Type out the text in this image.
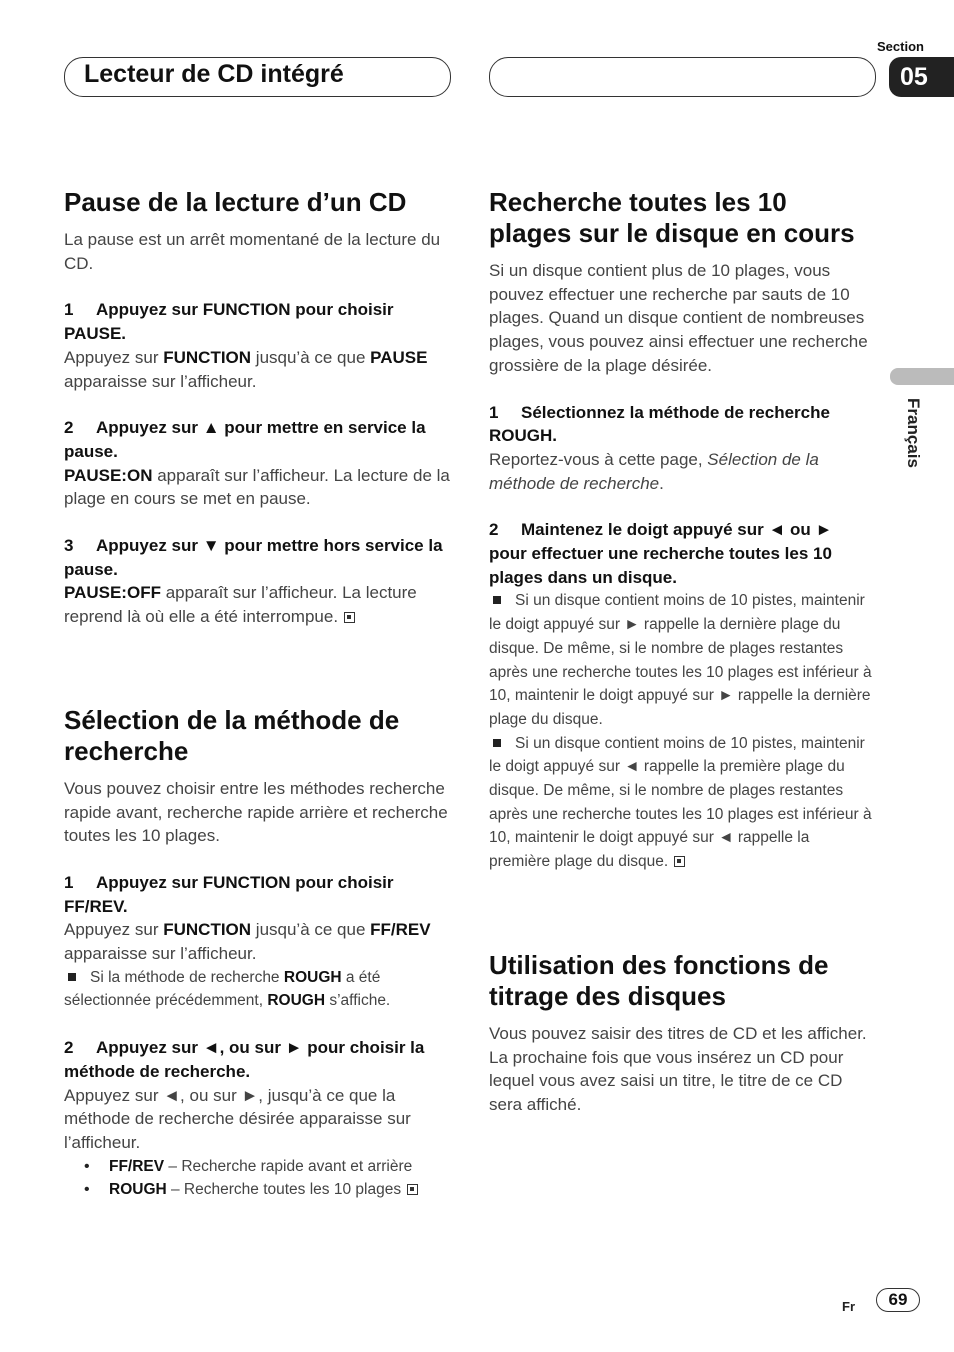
Lecteur de CD intégré
Section
05
Français
Pause de la lecture d’un CD

La pause est un arrêt momentané de la lecture du CD.

1 Appuyez sur FUNCTION pour choisir PAUSE.

Appuyez sur FUNCTION jusqu’à ce que PAUSE apparaisse sur l’afficheur.

2 Appuyez sur ▲ pour mettre en service la pause.

PAUSE:ON apparaît sur l’afficheur. La lecture de la plage en cours se met en pause.

3 Appuyez sur ▼ pour mettre hors service la pause.

PAUSE:OFF apparaît sur l’afficheur. La lecture reprend là où elle a été interrompue.

Sélection de la méthode de recherche

Vous pouvez choisir entre les méthodes recherche rapide avant, recherche rapide arrière et recherche toutes les 10 plages.

1 Appuyez sur FUNCTION pour choisir FF/REV.

Appuyez sur FUNCTION jusqu’à ce que FF/REV apparaisse sur l’afficheur.

Si la méthode de recherche ROUGH a été sélectionnée précédemment, ROUGH s’affiche.
2 Appuyez sur ◄, ou sur ► pour choisir la méthode de recherche.

Appuyez sur ◄, ou sur ►, jusqu’à ce que la méthode de recherche désirée apparaisse sur l’afficheur.

• FF/REV – Recherche rapide avant et arrière
• ROUGH – Recherche toutes les 10 plages
Recherche toutes les 10 plages sur le disque en cours

Si un disque contient plus de 10 plages, vous pouvez effectuer une recherche par sauts de 10 plages. Quand un disque contient de nombreuses plages, vous pouvez ainsi effectuer une recherche grossière de la plage désirée.

1 Sélectionnez la méthode de recherche ROUGH.

Reportez-vous à cette page, Sélection de la méthode de recherche.

2 Maintenez le doigt appuyé sur ◄ ou ► pour effectuer une recherche toutes les 10 plages dans un disque.
Si un disque contient moins de 10 pistes, maintenir le doigt appuyé sur ► rappelle la dernière plage du disque. De même, si le nombre de plages restantes après une recherche toutes les 10 plages est inférieur à 10, maintenir le doigt appuyé sur ► rappelle la dernière plage du disque.
Si un disque contient moins de 10 pistes, maintenir le doigt appuyé sur ◄ rappelle la première plage du disque. De même, si le nombre de plages restantes après une recherche toutes les 10 plages est inférieur à 10, maintenir le doigt appuyé sur ◄ rappelle la première plage du disque.
Utilisation des fonctions de titrage des disques

Vous pouvez saisir des titres de CD et les afficher. La prochaine fois que vous insérez un CD pour lequel vous avez saisi un titre, le titre de ce CD sera affiché.

Fr	69
